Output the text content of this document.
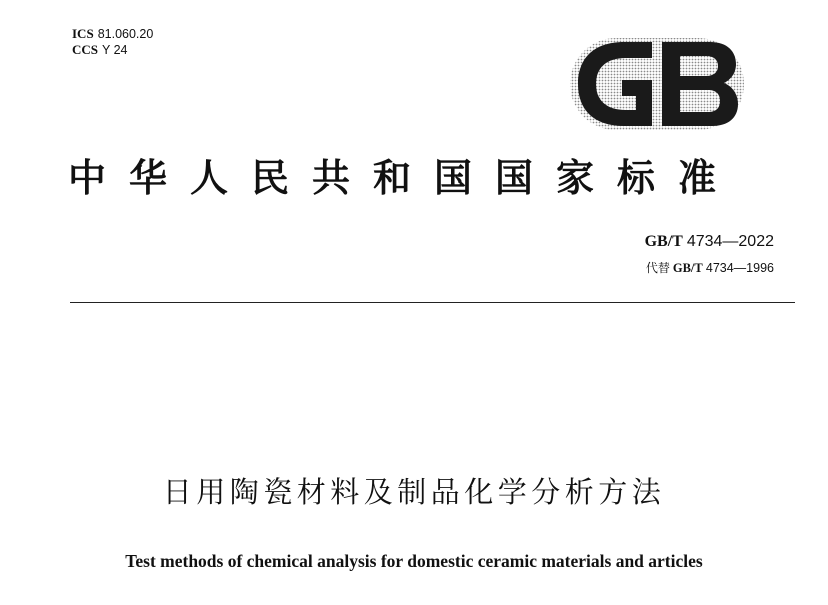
ICS 81.060.20
CCS Y 24
中华人民共和国国家标准
GB/T 4734—2022
代替 GB/T 4734—1996
日用陶瓷材料及制品化学分析方法
Test methods of chemical analysis for domestic ceramic materials and articles
